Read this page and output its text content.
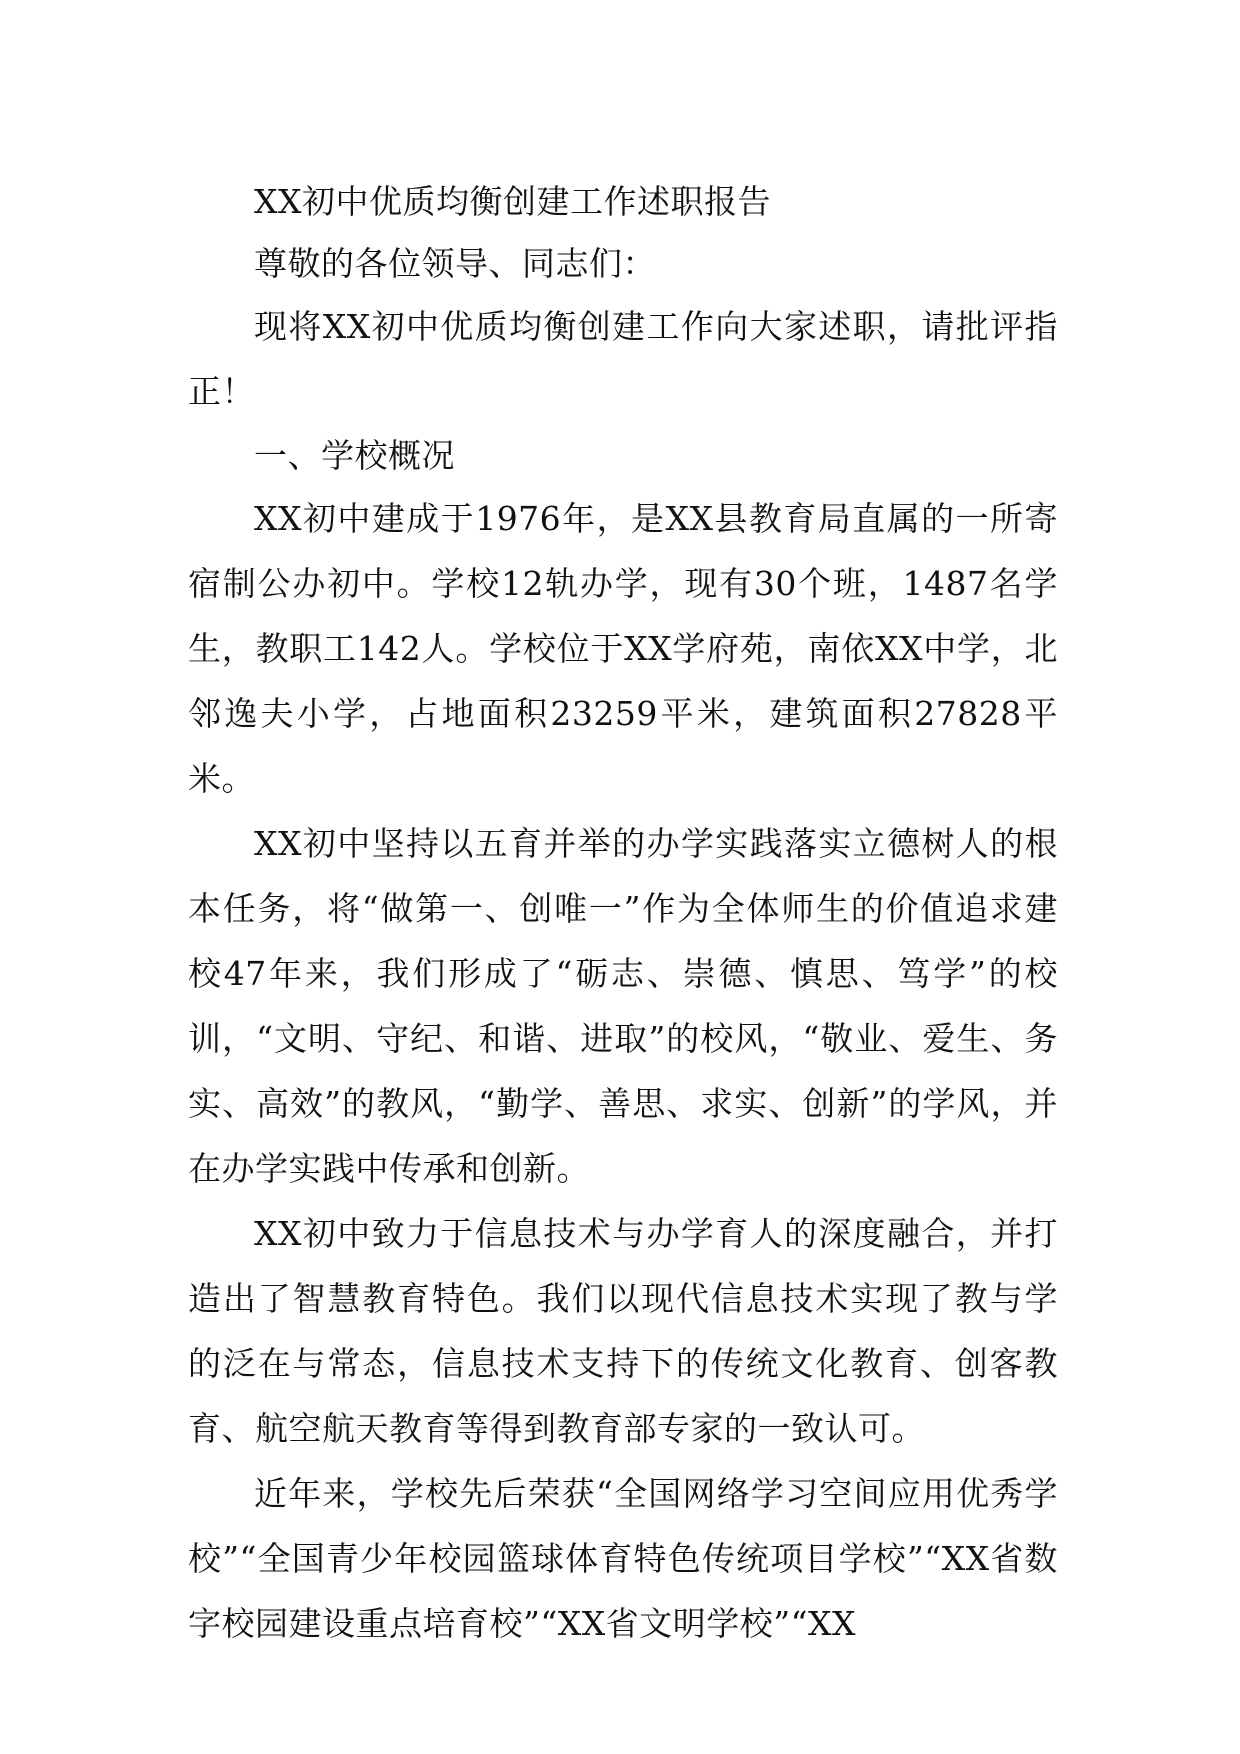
XX初中优质均衡创建工作述职报告

尊敬的各位领导、同志们：

现将XX初中优质均衡创建工作向大家述职，请批评指正！

一、学校概况

XX初中建成于1976年，是XX县教育局直属的一所寄宿制公办初中。学校12轨办学，现有30个班，1487名学生，教职工142人。学校位于XX学府苑，南依XX中学，北邻逸夫小学，占地面积23259平米，建筑面积27828平米。

XX初中坚持以五育并举的办学实践落实立德树人的根本任务，将“做第一、创唯一”作为全体师生的价值追求建校47年来，我们形成了“砺志、崇德、慎思、笃学”的校训，“文明、守纪、和谐、进取”的校风，“敬业、爱生、务实、高效”的教风，“勤学、善思、求实、创新”的学风，并在办学实践中传承和创新。

XX初中致力于信息技术与办学育人的深度融合，并打造出了智慧教育特色。我们以现代信息技术实现了教与学的泛在与常态，信息技术支持下的传统文化教育、创客教育、航空航天教育等得到教育部专家的一致认可。

近年来，学校先后荣获“全国网络学习空间应用优秀学校”“全国青少年校园篮球体育特色传统项目学校”“XX省数字校园建设重点培育校”“XX省文明学校”“XX
